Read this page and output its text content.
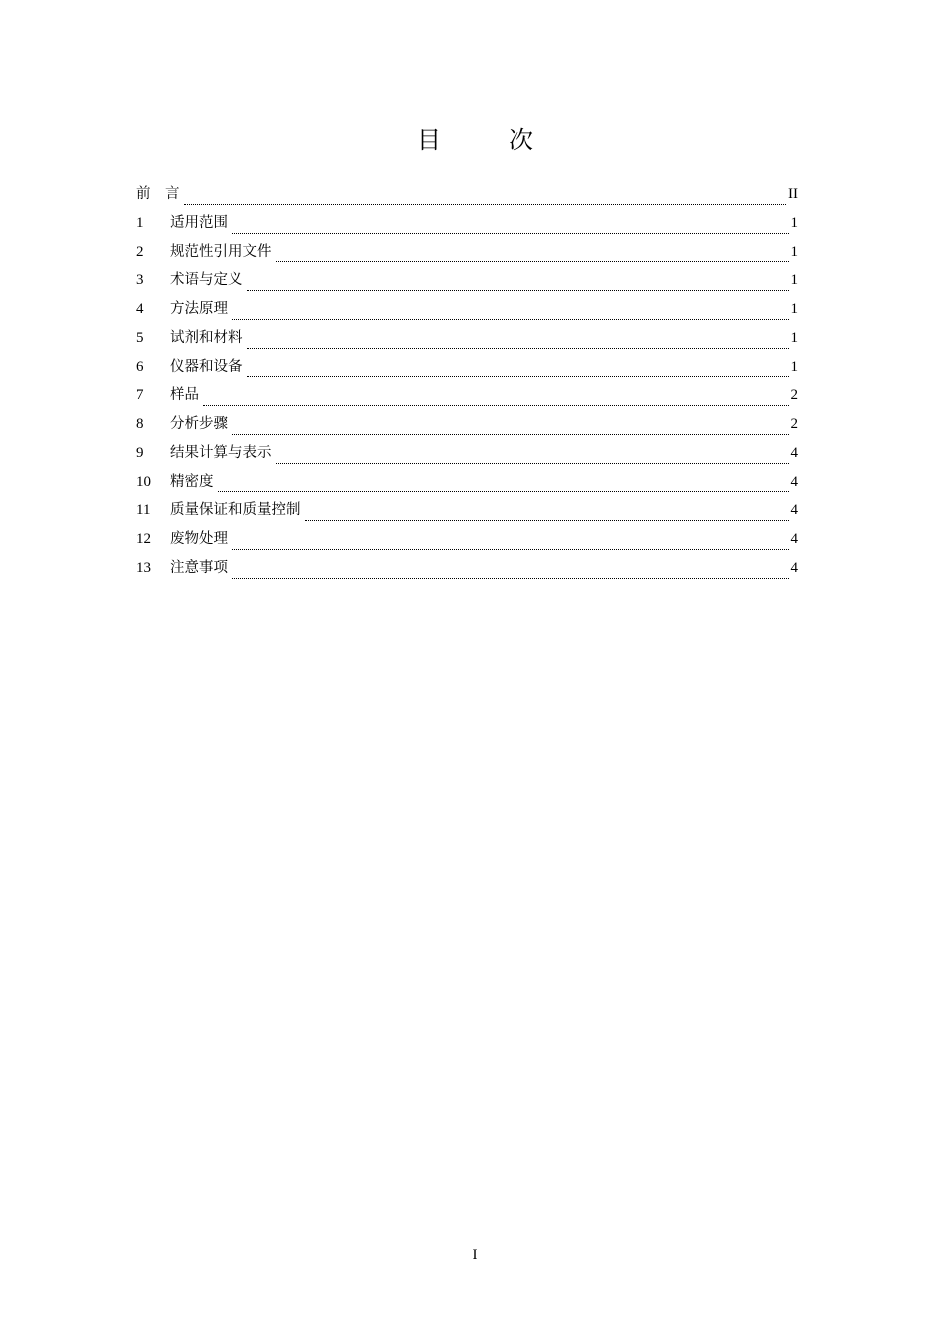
目　次
前　言	II
1	适用范围	1
2	规范性引用文件	1
3	术语与定义	1
4	方法原理	1
5	试剂和材料	1
6	仪器和设备	1
7	样品	2
8	分析步骤	2
9	结果计算与表示	4
10	精密度	4
11	质量保证和质量控制	4
12	废物处理	4
13	注意事项	4
I
